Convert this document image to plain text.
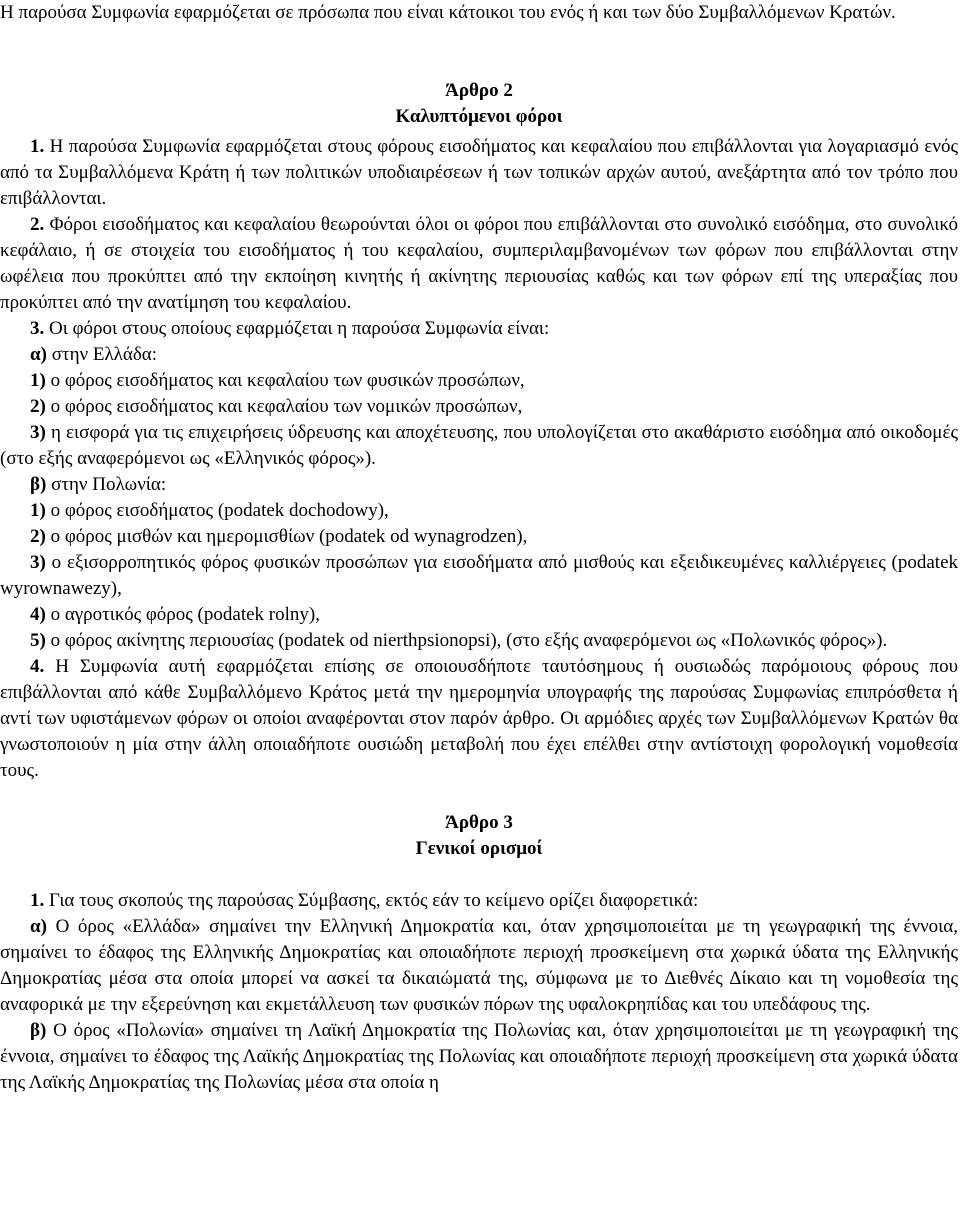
Η παρούσα Συμφωνία εφαρμόζεται σε πρόσωπα που είναι κάτοικοι του ενός ή και των δύο Συμβαλλόμενων Κρατών.

Άρθρο 2

Καλυπτόμενοι φόροι

1. Η παρούσα Συμφωνία εφαρμόζεται στους φόρους εισοδήματος και κεφαλαίου που επιβάλλονται για λογαριασμό ενός από τα Συμβαλλόμενα Κράτη ή των πολιτικών υποδιαιρέσεων ή των τοπικών αρχών αυτού, ανεξάρτητα από τον τρόπο που επιβάλλονται.

2. Φόροι εισοδήματος και κεφαλαίου θεωρούνται όλοι οι φόροι που επιβάλλονται στο συνολικό εισόδημα, στο συνολικό κεφάλαιο, ή σε στοιχεία του εισοδήματος ή του κεφαλαίου, συμπεριλαμβανομένων των φόρων που επιβάλλονται στην ωφέλεια που προκύπτει από την εκποίηση κινητής ή ακίνητης περιουσίας καθώς και των φόρων επί της υπεραξίας που προκύπτει από την ανατίμηση του κεφαλαίου.

3. Οι φόροι στους οποίους εφαρμόζεται η παρούσα Συμφωνία είναι:

α) στην Ελλάδα:

1) ο φόρος εισοδήματος και κεφαλαίου των φυσικών προσώπων,

2) ο φόρος εισοδήματος και κεφαλαίου των νομικών προσώπων,

3) η εισφορά για τις επιχειρήσεις ύδρευσης και αποχέτευσης, που υπολογίζεται στο ακαθάριστο εισόδημα από οικοδομές (στο εξής αναφερόμενοι ως «Ελληνικός φόρος»).

β) στην Πολωνία:

1) ο φόρος εισοδήματος (podatek dochodowy),

2) ο φόρος μισθών και ημερομισθίων (podatek od wynagrodzen),

3) ο εξισορροπητικός φόρος φυσικών προσώπων για εισοδήματα από μισθούς και εξειδικευμένες καλλιέργειες (podatek wyrownawezy),

4) ο αγροτικός φόρος (podatek rolny),

5) ο φόρος ακίνητης περιουσίας (podatek od nierthpsionopsi), (στο εξής αναφερόμενοι ως «Πολωνικός φόρος»).

4. Η Συμφωνία αυτή εφαρμόζεται επίσης σε οποιουσδήποτε ταυτόσημους ή ουσιωδώς παρόμοιους φόρους που επιβάλλονται από κάθε Συμβαλλόμενο Κράτος μετά την ημερομηνία υπογραφής της παρούσας Συμφωνίας επιπρόσθετα ή αντί των υφιστάμενων φόρων οι οποίοι αναφέρονται στον παρόν άρθρο. Οι αρμόδιες αρχές των Συμβαλλόμενων Κρατών θα γνωστοποιούν η μία στην άλλη οποιαδήποτε ουσιώδη μεταβολή που έχει επέλθει στην αντίστοιχη φορολογική νομοθεσία τους.

Άρθρο 3

Γενικοί ορισμοί

1. Για τους σκοπούς της παρούσας Σύμβασης, εκτός εάν το κείμενο ορίζει διαφορετικά:

α) Ο όρος «Ελλάδα» σημαίνει την Ελληνική Δημοκρατία και, όταν χρησιμοποιείται με τη γεωγραφική της έννοια, σημαίνει το έδαφος της Ελληνικής Δημοκρατίας και οποιαδήποτε περιοχή προσκείμενη στα χωρικά ύδατα της Ελληνικής Δημοκρατίας μέσα στα οποία μπορεί να ασκεί τα δικαιώματά της, σύμφωνα με το Διεθνές Δίκαιο και τη νομοθεσία της αναφορικά με την εξερεύνηση και εκμετάλλευση των φυσικών πόρων της υφαλοκρηπίδας και του υπεδάφους της.

β) Ο όρος «Πολωνία» σημαίνει τη Λαϊκή Δημοκρατία της Πολωνίας και, όταν χρησιμοποιείται με τη γεωγραφική της έννοια, σημαίνει το έδαφος της Λαϊκής Δημοκρατίας της Πολωνίας και οποιαδήποτε περιοχή προσκείμενη στα χωρικά ύδατα της Λαϊκής Δημοκρατίας της Πολωνίας μέσα στα οποία η
